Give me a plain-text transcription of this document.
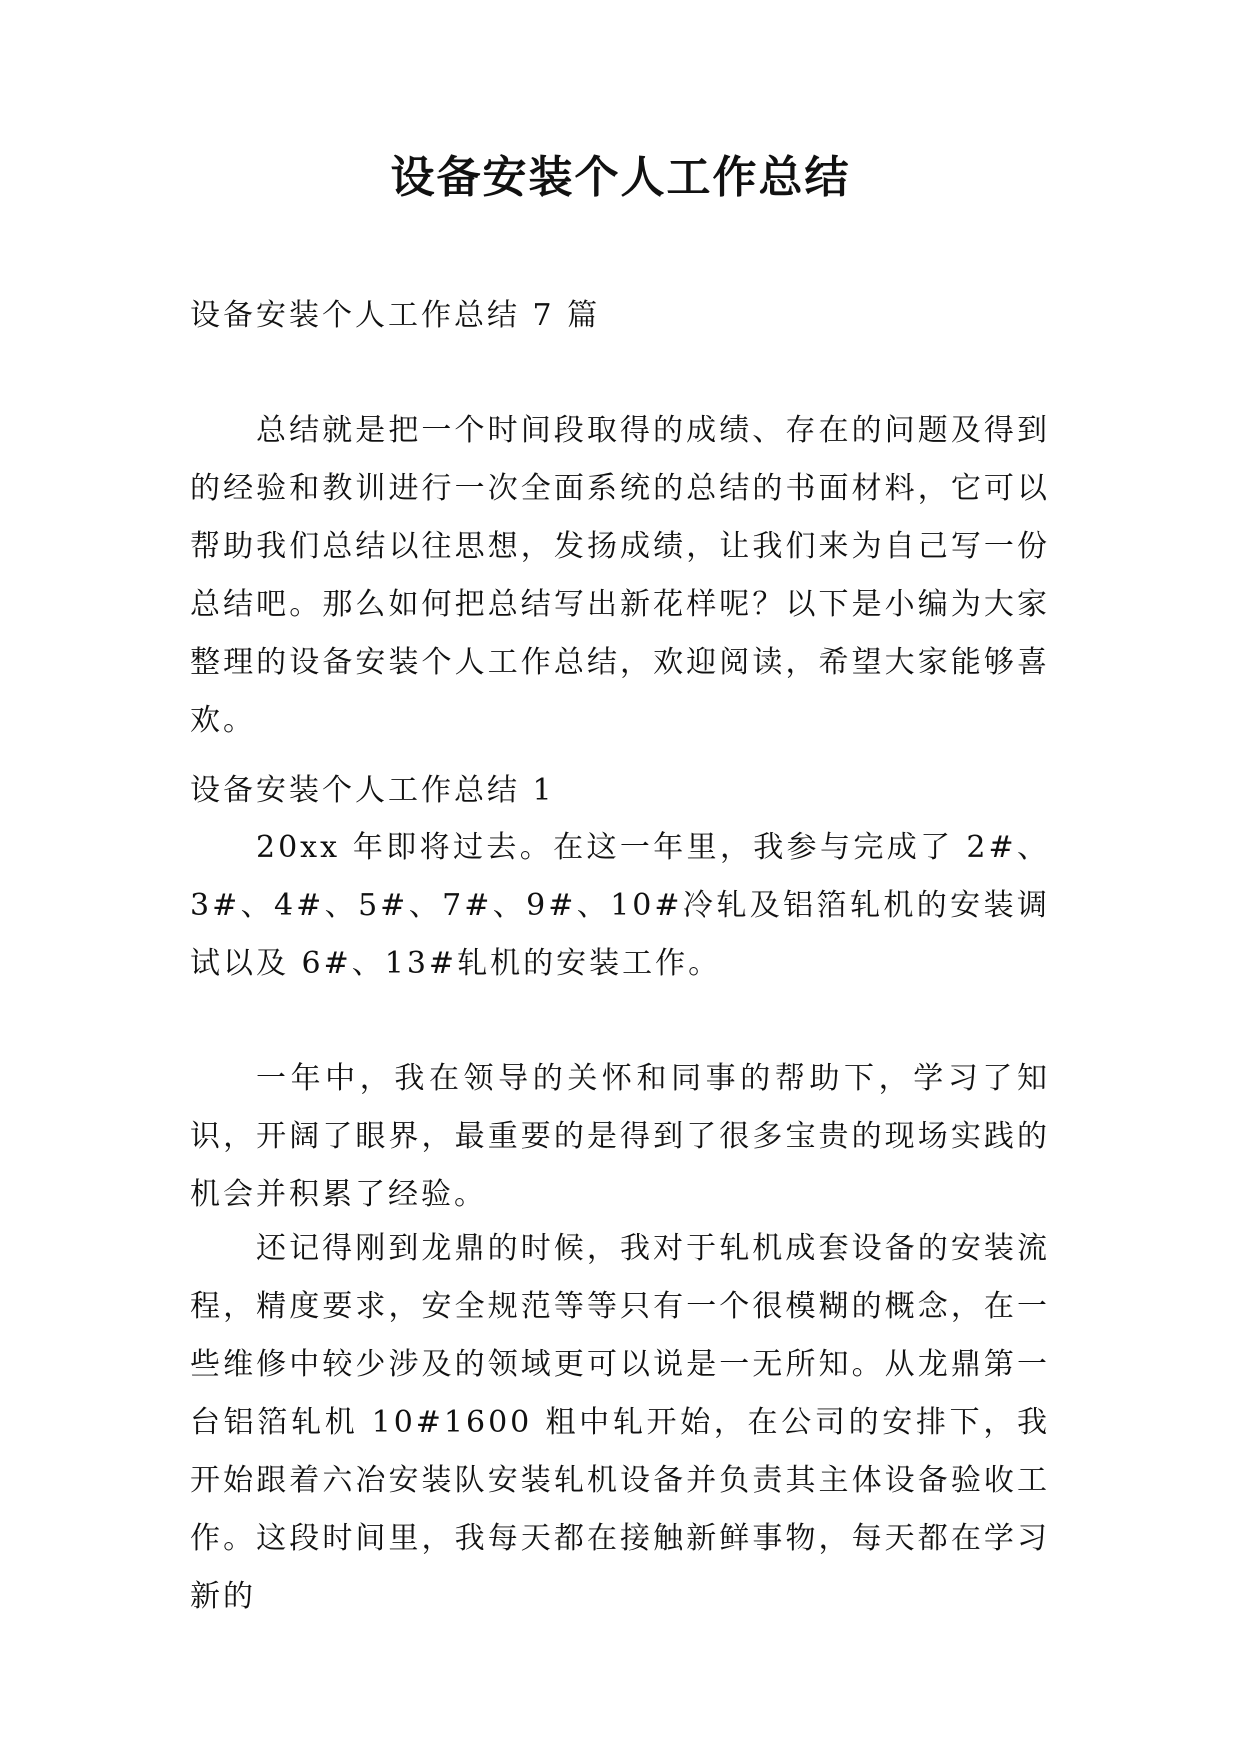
设备安装个人工作总结

设备安装个人工作总结 7 篇

总结就是把一个时间段取得的成绩、存在的问题及得到的经验和教训进行一次全面系统的总结的书面材料，它可以帮助我们总结以往思想，发扬成绩，让我们来为自己写一份总结吧。那么如何把总结写出新花样呢？以下是小编为大家整理的设备安装个人工作总结，欢迎阅读，希望大家能够喜欢。

设备安装个人工作总结 1

20xx 年即将过去。在这一年里，我参与完成了 2#、3#、4#、5#、7#、9#、10#冷轧及铝箔轧机的安装调试以及 6#、13#轧机的安装工作。

一年中，我在领导的关怀和同事的帮助下，学习了知识，开阔了眼界，最重要的是得到了很多宝贵的现场实践的机会并积累了经验。

还记得刚到龙鼎的时候，我对于轧机成套设备的安装流程，精度要求，安全规范等等只有一个很模糊的概念，在一些维修中较少涉及的领域更可以说是一无所知。从龙鼎第一台铝箔轧机 10#1600 粗中轧开始，在公司的安排下，我开始跟着六冶安装队安装轧机设备并负责其主体设备验收工作。这段时间里，我每天都在接触新鲜事物，每天都在学习新的
